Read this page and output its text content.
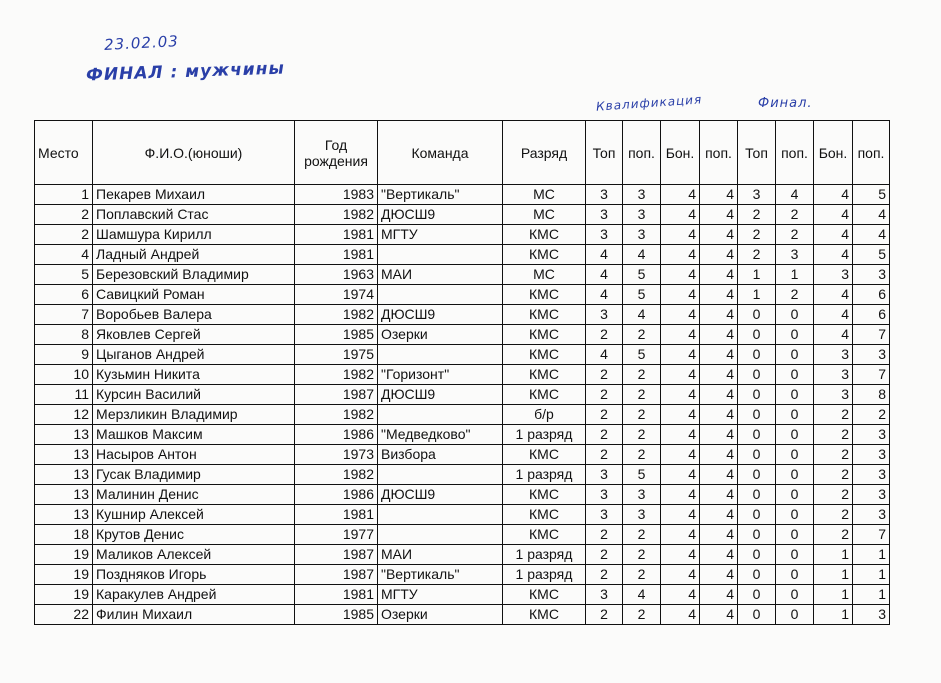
23.02.03
ФИНАЛ : мужчины
Квалификация	Финал.
Место	Ф.И.О.(юноши)	Год рождения	Команда	Разряд	Топ	поп.	Бон.	поп.	Топ	поп.	Бон.	поп.
1	Пекарев Михаил	1983	"Вертикаль"	МС	3	3	4	4	3	4	4	5
2	Поплавский Стас	1982	ДЮСШ9	МС	3	3	4	4	2	2	4	4
2	Шамшура Кирилл	1981	МГТУ	КМС	3	3	4	4	2	2	4	4
4	Ладный Андрей	1981		КМС	4	4	4	4	2	3	4	5
5	Березовский Владимир	1963	МАИ	МС	4	5	4	4	1	1	3	3
6	Савицкий Роман	1974		КМС	4	5	4	4	1	2	4	6
7	Воробьев Валера	1982	ДЮСШ9	КМС	3	4	4	4	0	0	4	6
8	Яковлев Сергей	1985	Озерки	КМС	2	2	4	4	0	0	4	7
9	Цыганов Андрей	1975		КМС	4	5	4	4	0	0	3	3
10	Кузьмин Никита	1982	"Горизонт"	КМС	2	2	4	4	0	0	3	7
11	Курсин Василий	1987	ДЮСШ9	КМС	2	2	4	4	0	0	3	8
12	Мерзликин Владимир	1982		б/р	2	2	4	4	0	0	2	2
13	Машков Максим	1986	"Медведково"	1 разряд	2	2	4	4	0	0	2	3
13	Насыров Антон	1973	Визбора	КМС	2	2	4	4	0	0	2	3
13	Гусак Владимир	1982		1 разряд	3	5	4	4	0	0	2	3
13	Малинин Денис	1986	ДЮСШ9	КМС	3	3	4	4	0	0	2	3
13	Кушнир Алексей	1981		КМС	3	3	4	4	0	0	2	3
18	Крутов Денис	1977		КМС	2	2	4	4	0	0	2	7
19	Маликов Алексей	1987	МАИ	1 разряд	2	2	4	4	0	0	1	1
19	Поздняков Игорь	1987	"Вертикаль"	1 разряд	2	2	4	4	0	0	1	1
19	Каракулев Андрей	1981	МГТУ	КМС	3	4	4	4	0	0	1	1
22	Филин Михаил	1985	Озерки	КМС	2	2	4	4	0	0	1	3
